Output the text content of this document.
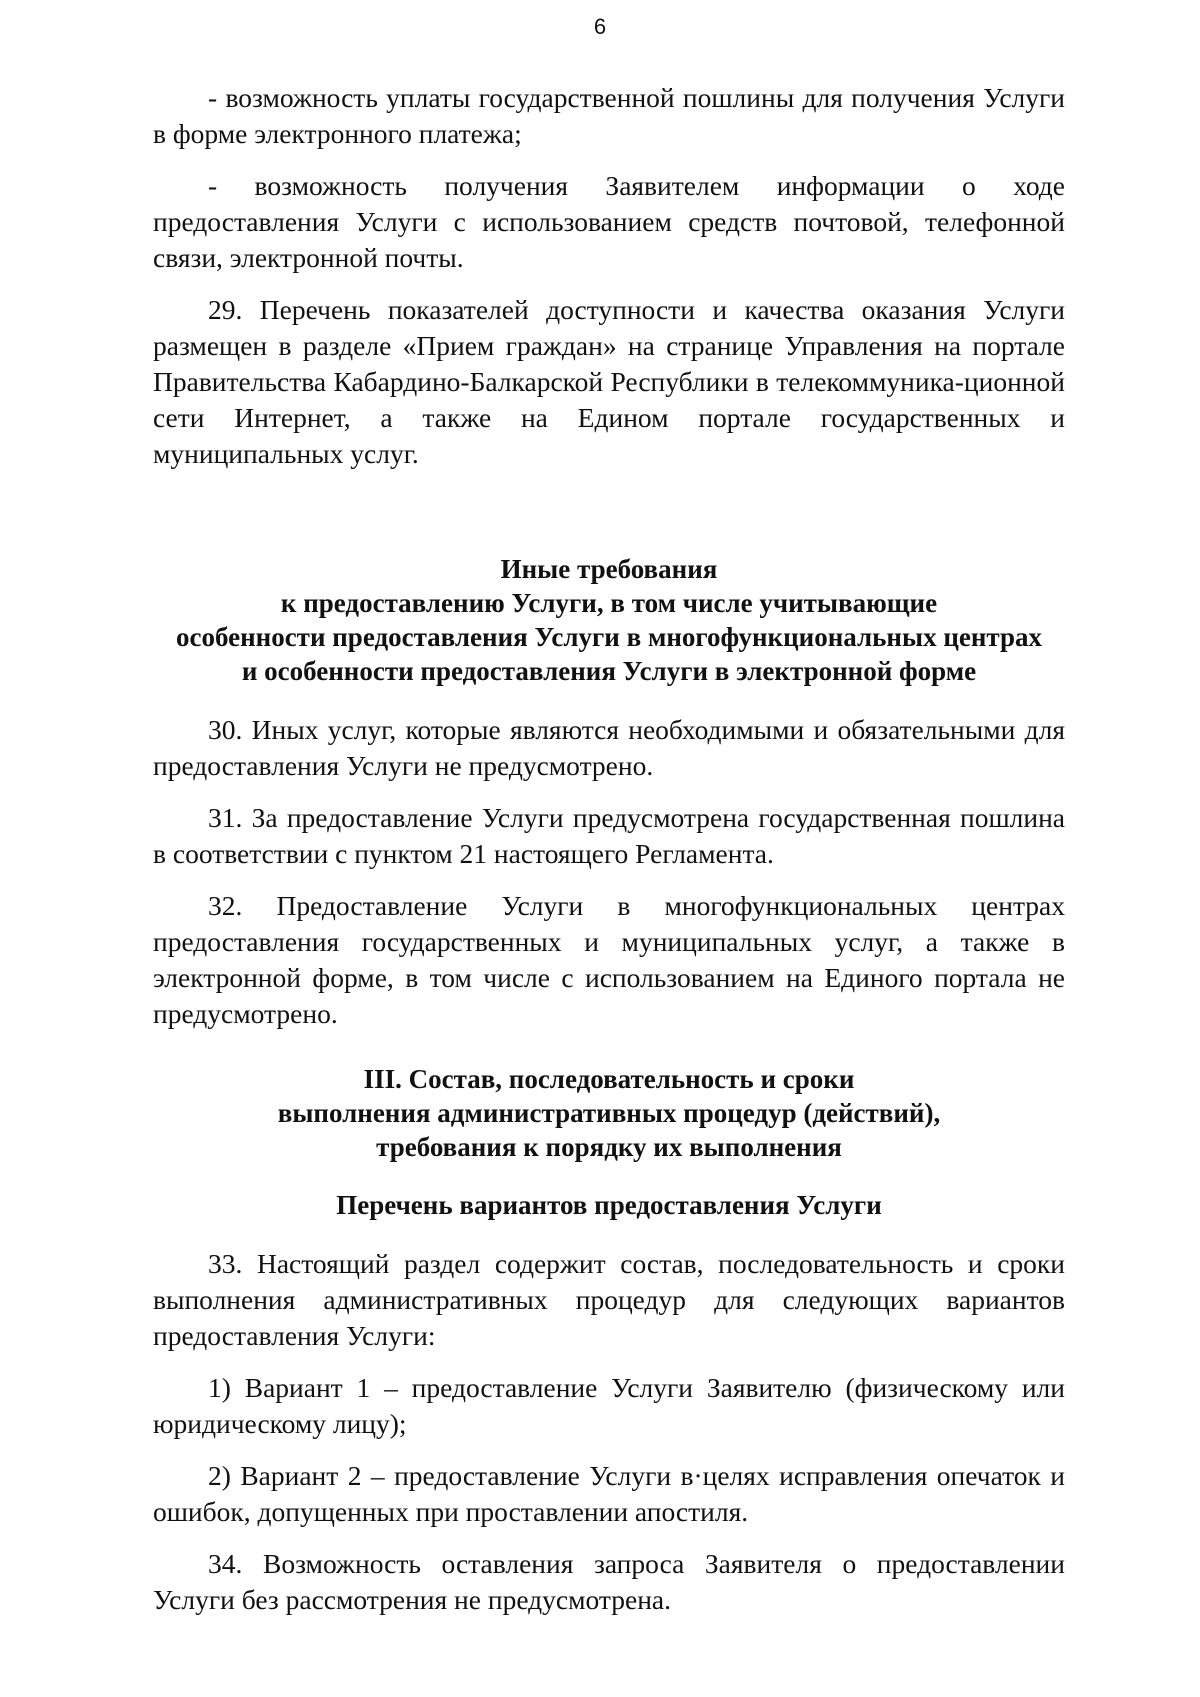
6

- возможность уплаты государственной пошлины для получения Услуги в форме электронного платежа;

- возможность получения Заявителем информации о ходе предоставления Услуги с использованием средств почтовой, телефонной связи, электронной почты.

29. Перечень показателей доступности и качества оказания Услуги размещен в разделе «Прием граждан» на странице Управления на портале Правительства Кабардино-Балкарской Республики в телекоммуника-ционной сети Интернет, а также на Едином портале государственных и муниципальных услуг.

Иные требования
к предоставлению Услуги, в том числе учитывающие
особенности предоставления Услуги в многофункциональных центрах
и особенности предоставления Услуги в электронной форме

30. Иных услуг, которые являются необходимыми и обязательными для предоставления Услуги не предусмотрено.

31. За предоставление Услуги предусмотрена государственная пошлина в соответствии с пунктом 21 настоящего Регламента.

32. Предоставление Услуги в многофункциональных центрах предоставления государственных и муниципальных услуг, а также в электронной форме, в том числе с использованием на Единого портала не предусмотрено.

III. Состав, последовательность и сроки
выполнения административных процедур (действий),
требования к порядку их выполнения
Перечень вариантов предоставления Услуги

33. Настоящий раздел содержит состав, последовательность и сроки выполнения административных процедур для следующих вариантов предоставления Услуги:

1) Вариант 1 – предоставление Услуги Заявителю (физическому или юридическому лицу);

2) Вариант 2 – предоставление Услуги в·целях исправления опечаток и ошибок, допущенных при проставлении апостиля.

34. Возможность оставления запроса Заявителя о предоставлении Услуги без рассмотрения не предусмотрена.
